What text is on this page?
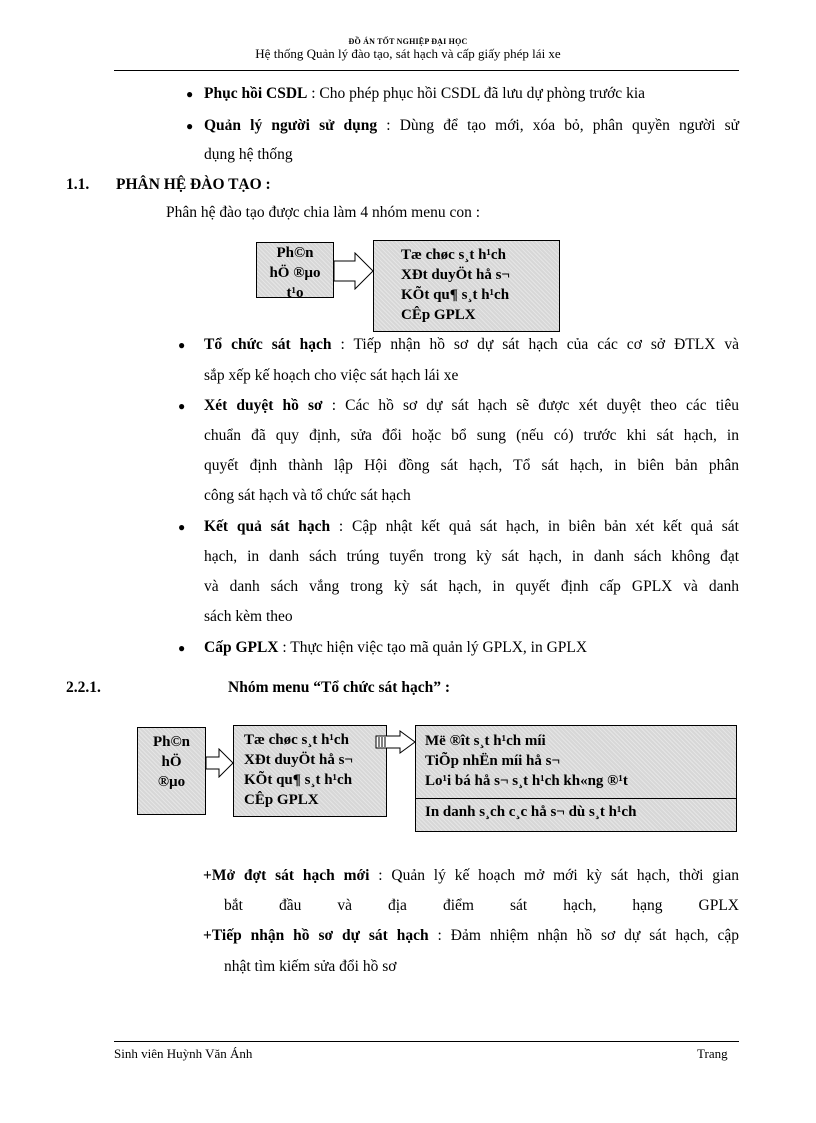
ĐỒ ÁN TỐT NGHIỆP ĐẠI HỌC
Hệ thống Quản lý đào tạo, sát hạch và cấp giấy phép lái xe
● Phục hồi CSDL : Cho phép phục hồi CSDL đã lưu dự phòng trước kia
● Quản lý người sử dụng : Dùng để tạo mới, xóa bỏ, phân quyền người sử
dụng hệ thống
1.1. PHÂN HỆ ĐÀO TẠO :
Phân hệ đào tạo được chia làm 4 nhóm menu con :
Ph©n
hÖ ®µo
t¹o
Tæ chøc s¸t h¹ch
XÐt duyÖt hå s¬
KÕt qu¶ s¸t h¹ch
CÊp GPLX
● Tổ chức sát hạch : Tiếp nhận hồ sơ dự sát hạch của các cơ sở ĐTLX và
sắp xếp kế hoạch cho việc sát hạch lái xe
● Xét duyệt hồ sơ : Các hồ sơ dự sát hạch sẽ được xét duyệt theo các tiêu
chuẩn đã quy định, sửa đổi hoặc bổ sung (nếu có) trước khi sát hạch, in
quyết định thành lập Hội đồng sát hạch, Tổ sát hạch, in biên bản phân
công sát hạch và tổ chức sát hạch
● Kết quả sát hạch : Cập nhật kết quả sát hạch, in biên bản xét kết quả sát
hạch, in danh sách trúng tuyển trong kỳ sát hạch, in danh sách không đạt
và danh sách vắng trong kỳ sát hạch, in quyết định cấp GPLX và danh
sách kèm theo
● Cấp GPLX : Thực hiện việc tạo mã quản lý GPLX, in GPLX
2.2.1.	Nhóm menu “Tổ chức sát hạch” :
Ph©n
hÖ
®µo
Tæ chøc s¸t h¹ch
XÐt duyÖt hå s¬
KÕt qu¶ s¸t h¹ch
CÊp GPLX
Më ®ît s¸t h¹ch míi
TiÕp nhËn míi hå s¬
Lo¹i bá hå s¬ s¸t h¹ch kh«ng ®¹t
In danh s¸ch c¸c hå s¬ dù s¸t h¹ch
+Mở đợt sát hạch mới : Quản lý kế hoạch mở mới kỳ sát hạch, thời gian
bắt đầu và địa điểm sát hạch, hạng GPLX
+Tiếp nhận hồ sơ dự sát hạch : Đảm nhiệm nhận hồ sơ dự sát hạch, cập
nhật tìm kiếm sửa đổi hồ sơ
Sinh viên Huỳnh Văn Ánh	Trang
